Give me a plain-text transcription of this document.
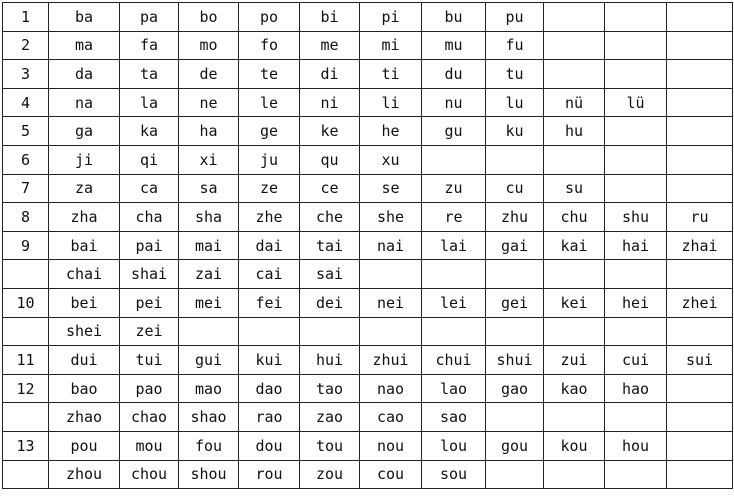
1	ba	pa	bo	po	bi	pi	bu	pu			
2	ma	fa	mo	fo	me	mi	mu	fu			
3	da	ta	de	te	di	ti	du	tu			
4	na	la	ne	le	ni	li	nu	lu	nü	lü	
5	ga	ka	ha	ge	ke	he	gu	ku	hu		
6	ji	qi	xi	ju	qu	xu					
7	za	ca	sa	ze	ce	se	zu	cu	su		
8	zha	cha	sha	zhe	che	she	re	zhu	chu	shu	ru
9	bai	pai	mai	dai	tai	nai	lai	gai	kai	hai	zhai
	chai	shai	zai	cai	sai						
10	bei	pei	mei	fei	dei	nei	lei	gei	kei	hei	zhei
	shei	zei									
11	dui	tui	gui	kui	hui	zhui	chui	shui	zui	cui	sui
12	bao	pao	mao	dao	tao	nao	lao	gao	kao	hao	
	zhao	chao	shao	rao	zao	cao	sao				
13	pou	mou	fou	dou	tou	nou	lou	gou	kou	hou	
	zhou	chou	shou	rou	zou	cou	sou				
